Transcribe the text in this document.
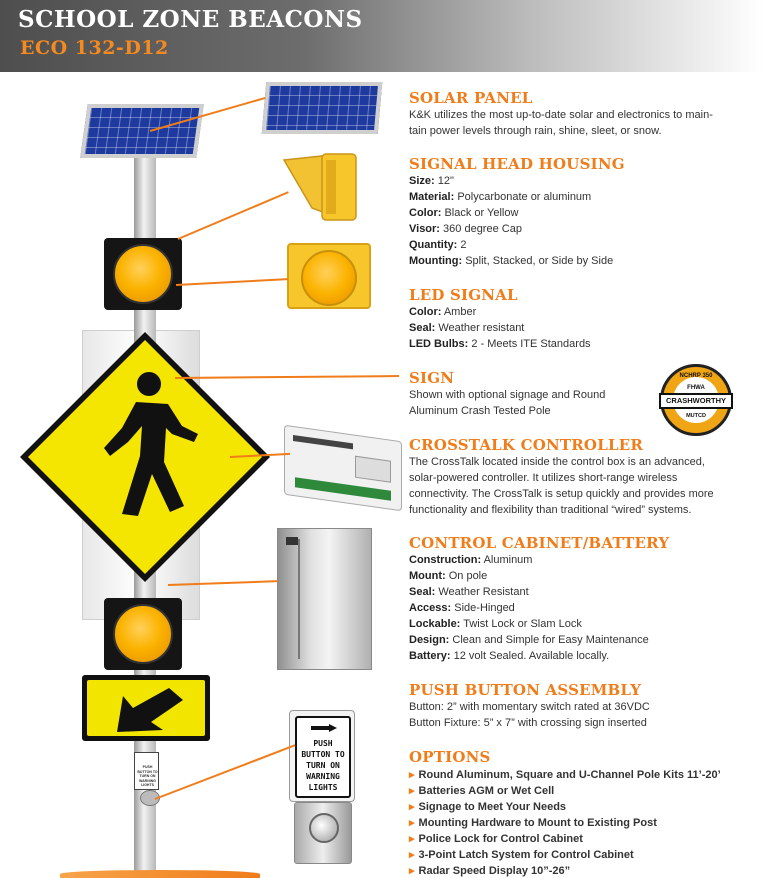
SCHOOL ZONE BEACONS
ECO 132-D12
PUSH BUTTON TO TURN ON WARNING LIGHTS
PUSH BUTTON TO TURN ON WARNING LIGHTS
NCHRP 350
FHWA
CRASHWORTHY
MUTCD
SOLAR PANEL
K&K utilizes the most up-to-date solar and electronics to main-
tain power levels through rain, shine, sleet, or snow.
SIGNAL HEAD HOUSING
Size: 12"
Material: Polycarbonate or aluminum
Color: Black or Yellow
Visor: 360 degree Cap
Quantity: 2
Mounting: Split, Stacked, or Side by Side
LED SIGNAL
Color: Amber
Seal: Weather resistant
LED Bulbs: 2 - Meets ITE Standards
SIGN
Shown with optional signage and Round
Aluminum Crash Tested Pole
CROSSTALK CONTROLLER
The CrossTalk located inside the control box is an advanced,
solar-powered controller. It utilizes short-range wireless
connectivity. The CrossTalk is setup quickly and provides more
functionality and flexibility than traditional “wired” systems.
CONTROL CABINET/BATTERY
Construction: Aluminum
Mount: On pole
Seal: Weather Resistant
Access: Side-Hinged
Lockable: Twist Lock or Slam Lock
Design: Clean and Simple for Easy Maintenance
Battery: 12 volt Sealed. Available locally.
PUSH BUTTON ASSEMBLY
Button: 2” with momentary switch rated at 36VDC
Button Fixture: 5” x 7” with crossing sign inserted
OPTIONS
▸ Round Aluminum, Square and U-Channel Pole Kits 11’-20’
▸ Batteries AGM or Wet Cell
▸ Signage to Meet Your Needs
▸ Mounting Hardware to Mount to Existing Post
▸ Police Lock for Control Cabinet
▸ 3-Point Latch System for Control Cabinet
▸ Radar Speed Display 10”-26”
